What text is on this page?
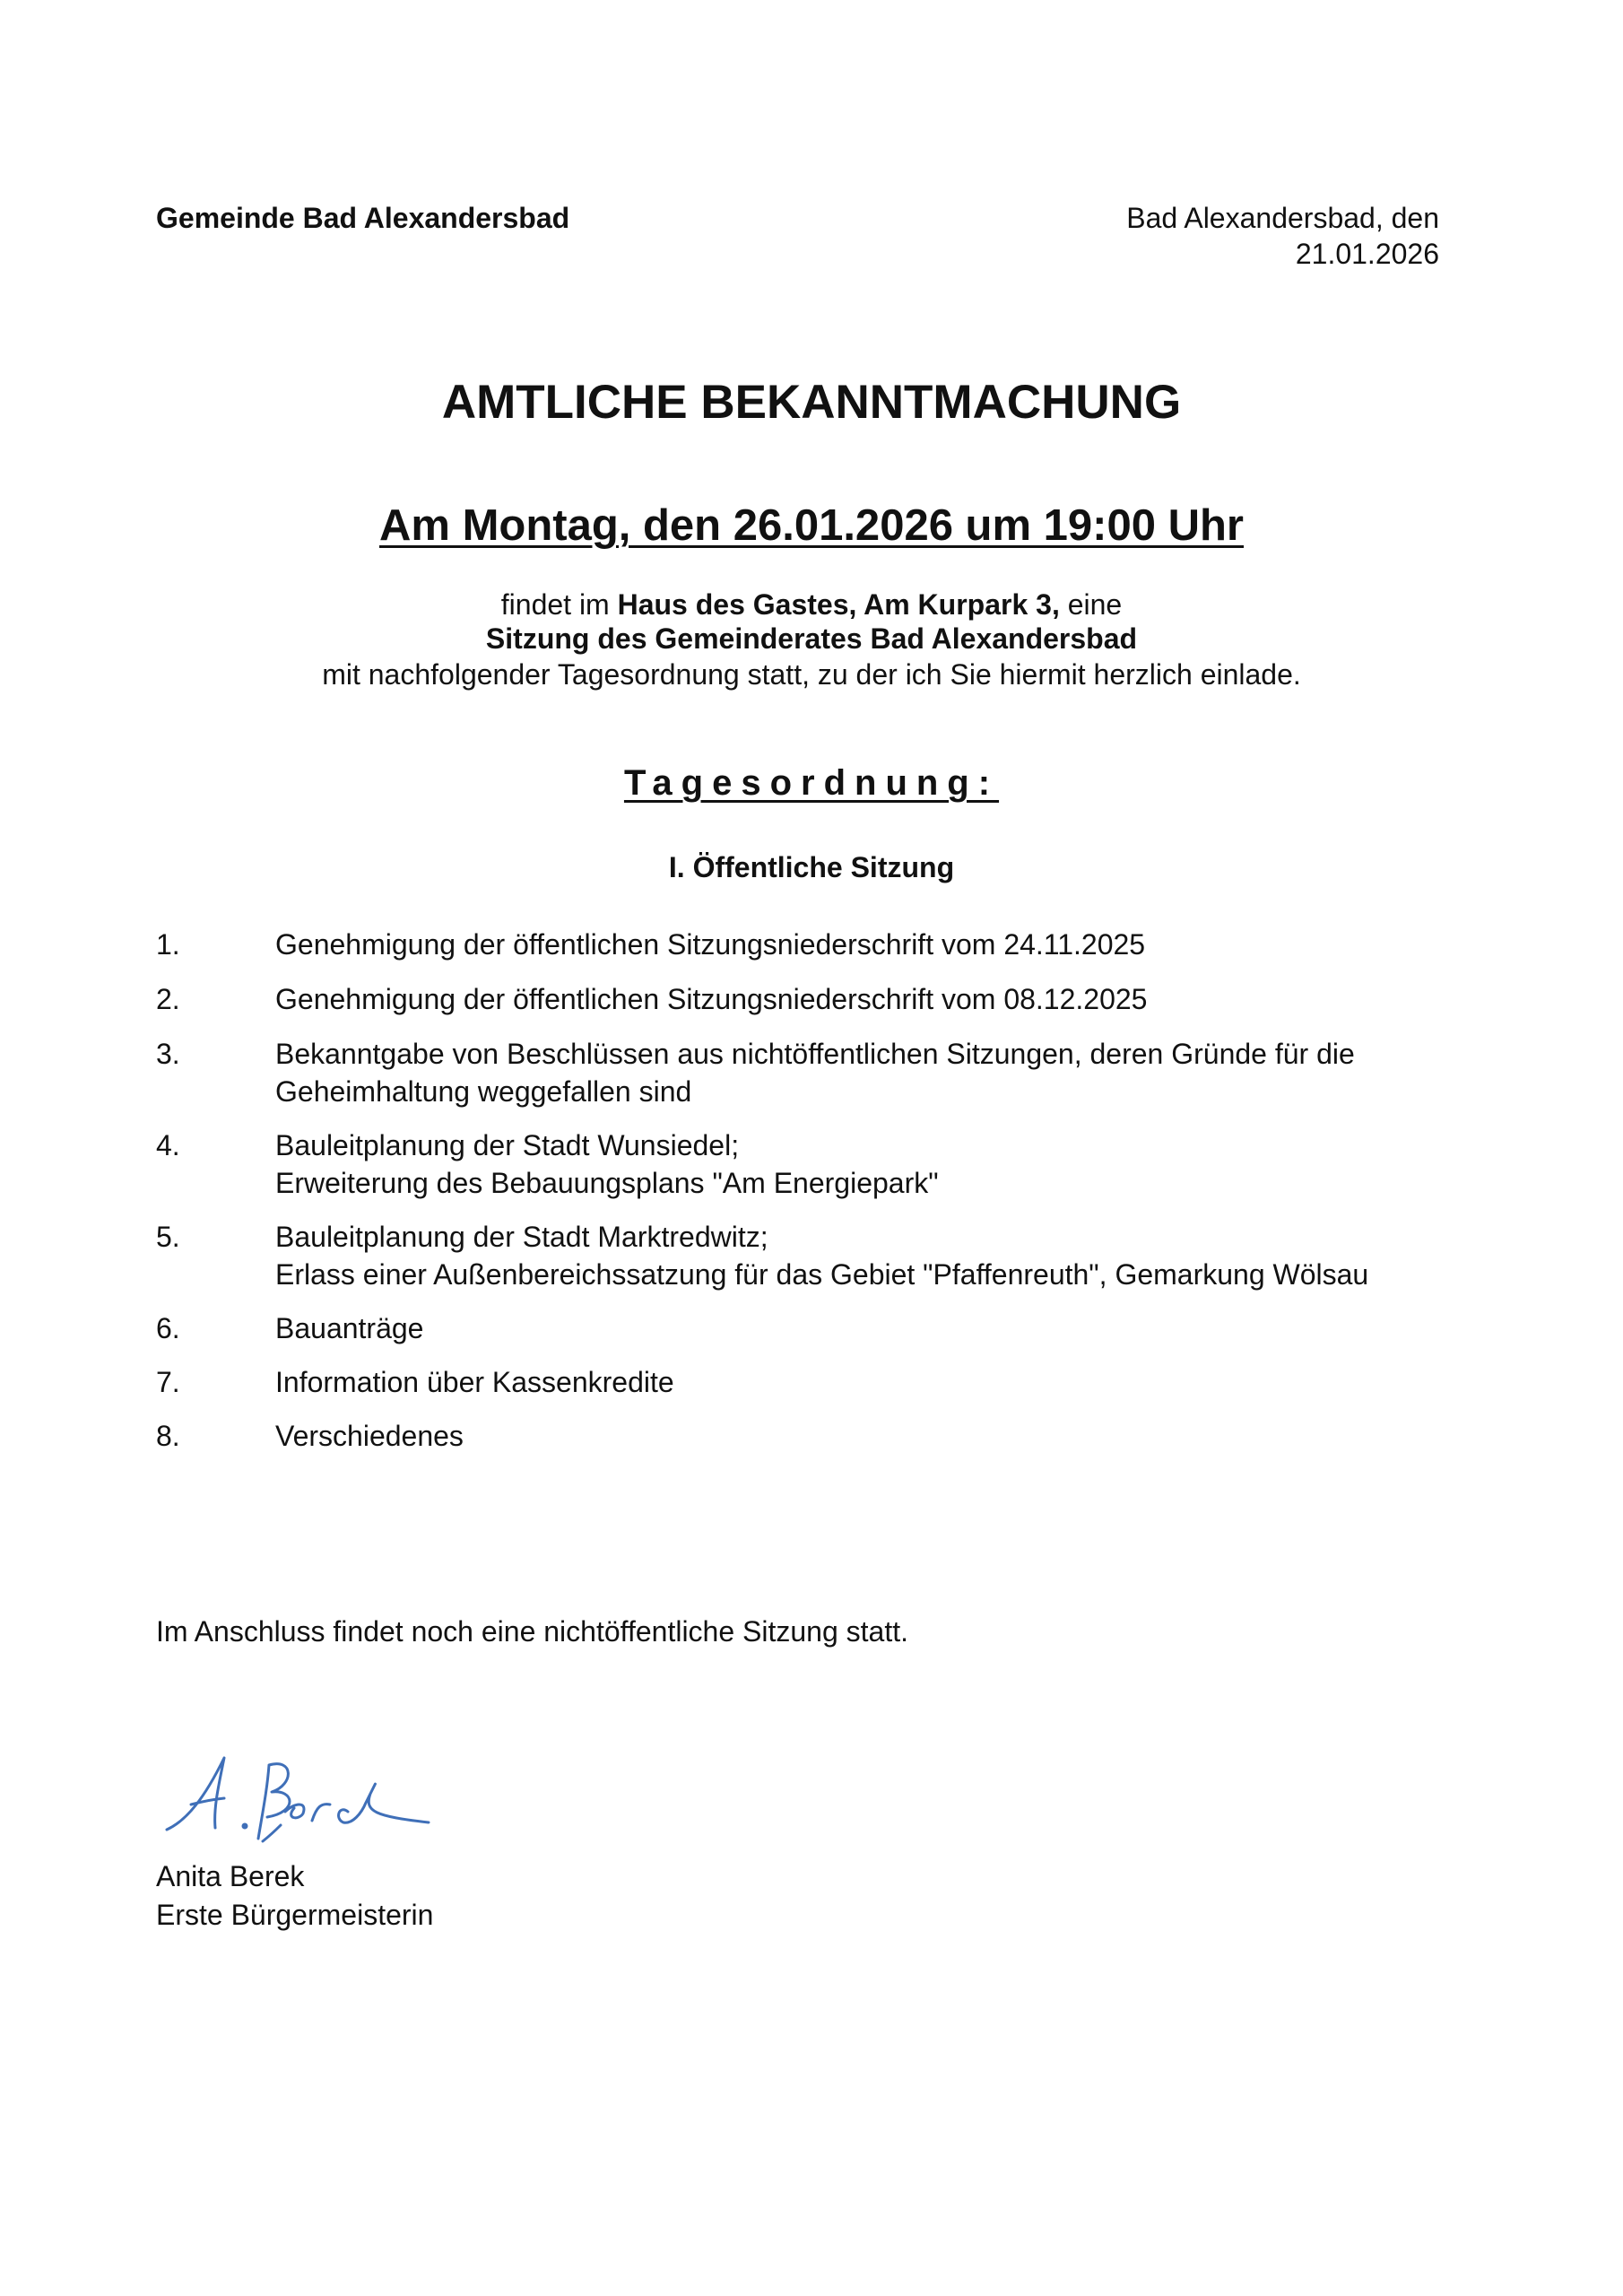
Gemeinde Bad Alexandersbad	Bad Alexandersbad, den
21.01.2026
AMTLICHE BEKANNTMACHUNG
Am Montag, den 26.01.2026 um 19:00 Uhr
findet im Haus des Gastes, Am Kurpark 3, eine
Sitzung des Gemeinderates Bad Alexandersbad
mit nachfolgender Tagesordnung statt, zu der ich Sie hiermit herzlich einlade.
Tagesordnung:
I. Öffentliche Sitzung
1.	Genehmigung der öffentlichen Sitzungsniederschrift vom 24.11.2025
2.	Genehmigung der öffentlichen Sitzungsniederschrift vom 08.12.2025
3.	Bekanntgabe von Beschlüssen aus nichtöffentlichen Sitzungen, deren Gründe für die
Geheimhaltung weggefallen sind
4.	Bauleitplanung der Stadt Wunsiedel;
Erweiterung des Bebauungsplans "Am Energiepark"
5.	Bauleitplanung der Stadt Marktredwitz;
Erlass einer Außenbereichssatzung für das Gebiet "Pfaffenreuth", Gemarkung Wölsau
6.	Bauanträge
7.	Information über Kassenkredite
8.	Verschiedenes
Im Anschluss findet noch eine nichtöffentliche Sitzung statt.
Anita Berek
Erste Bürgermeisterin
